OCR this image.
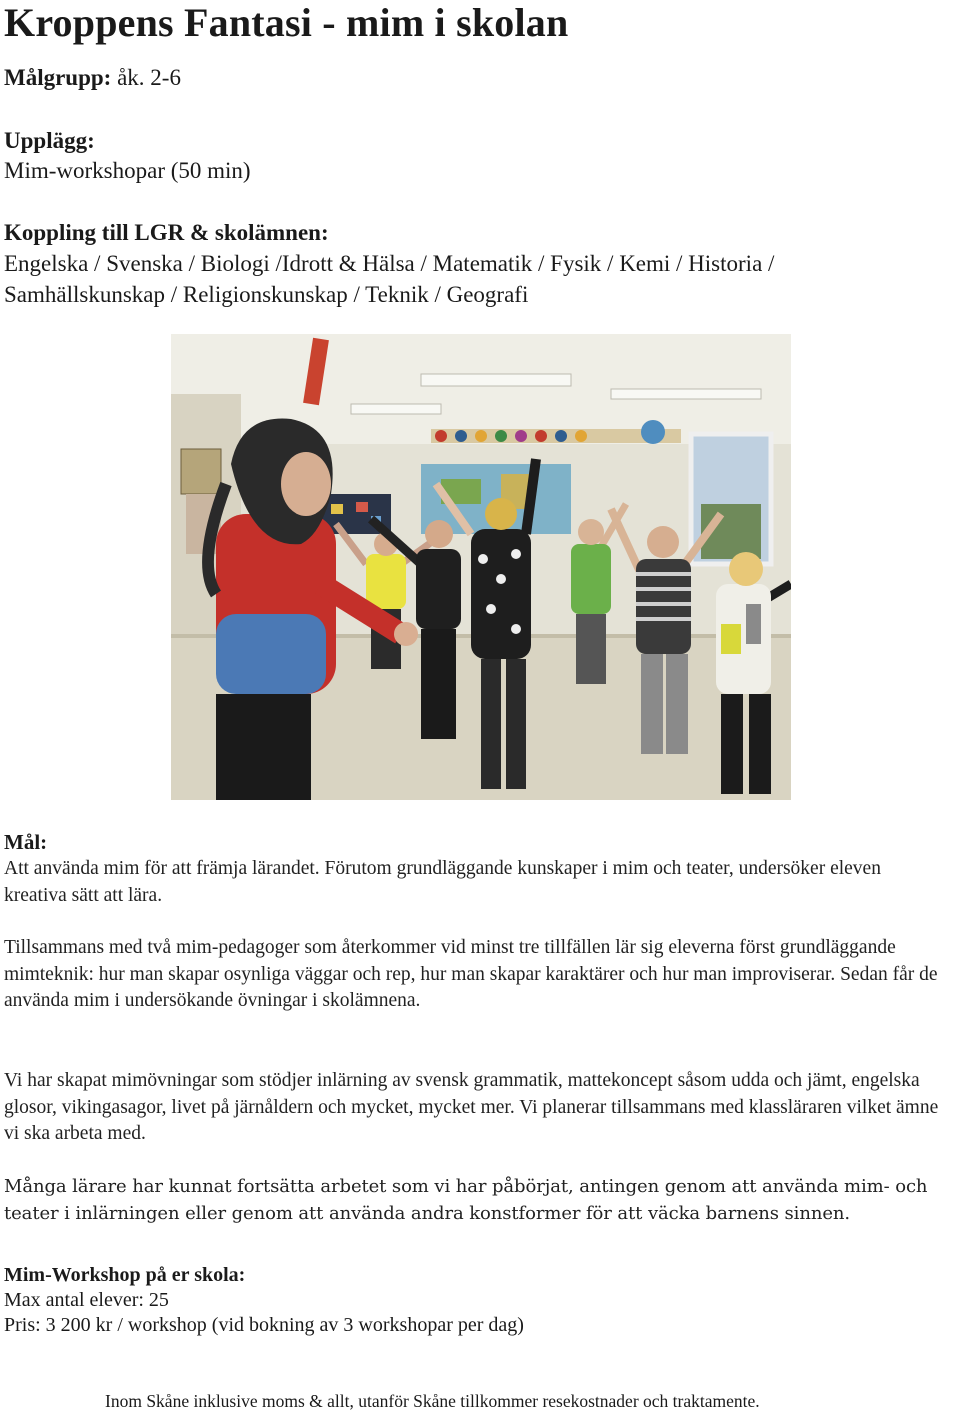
Kroppens Fantasi - mim i skolan
Målgrupp: åk. 2-6
Upplägg:
Mim-workshopar (50 min)
Koppling till LGR & skolämnen:
Engelska / Svenska / Biologi /Idrott & Hälsa / Matematik / Fysik / Kemi / Historia /
Samhällskunskap / Religionskunskap / Teknik / Geografi
Mål:

Att använda mim för att främja lärandet. Förutom grundläggande kunskaper i mim och teater, undersöker eleven kreativa sätt att lära.

Tillsammans med två mim-pedagoger som återkommer vid minst tre tillfällen lär sig eleverna först grundläggande mimteknik: hur man skapar osynliga väggar och rep, hur man skapar karaktärer och hur man improviserar. Sedan får de använda mim i undersökande övningar i skolämnena.

Vi har skapat mimövningar som stödjer inlärning av svensk grammatik, mattekoncept såsom udda och jämt, engelska glosor, vikingasagor, livet på järnåldern och mycket, mycket mer. Vi planerar tillsammans med klassläraren vilket ämne vi ska arbeta med.

Många lärare har kunnat fortsätta arbetet som vi har påbörjat, antingen genom att använda mim- och teater i inlärningen eller genom att använda andra konstformer för att väcka barnens sinnen.

Mim-Workshop på er skola:
Max antal elever: 25
Pris: 3 200 kr / workshop (vid bokning av 3 workshopar per dag)
Inom Skåne inklusive moms & allt, utanför Skåne tillkommer resekostnader och traktamente.
